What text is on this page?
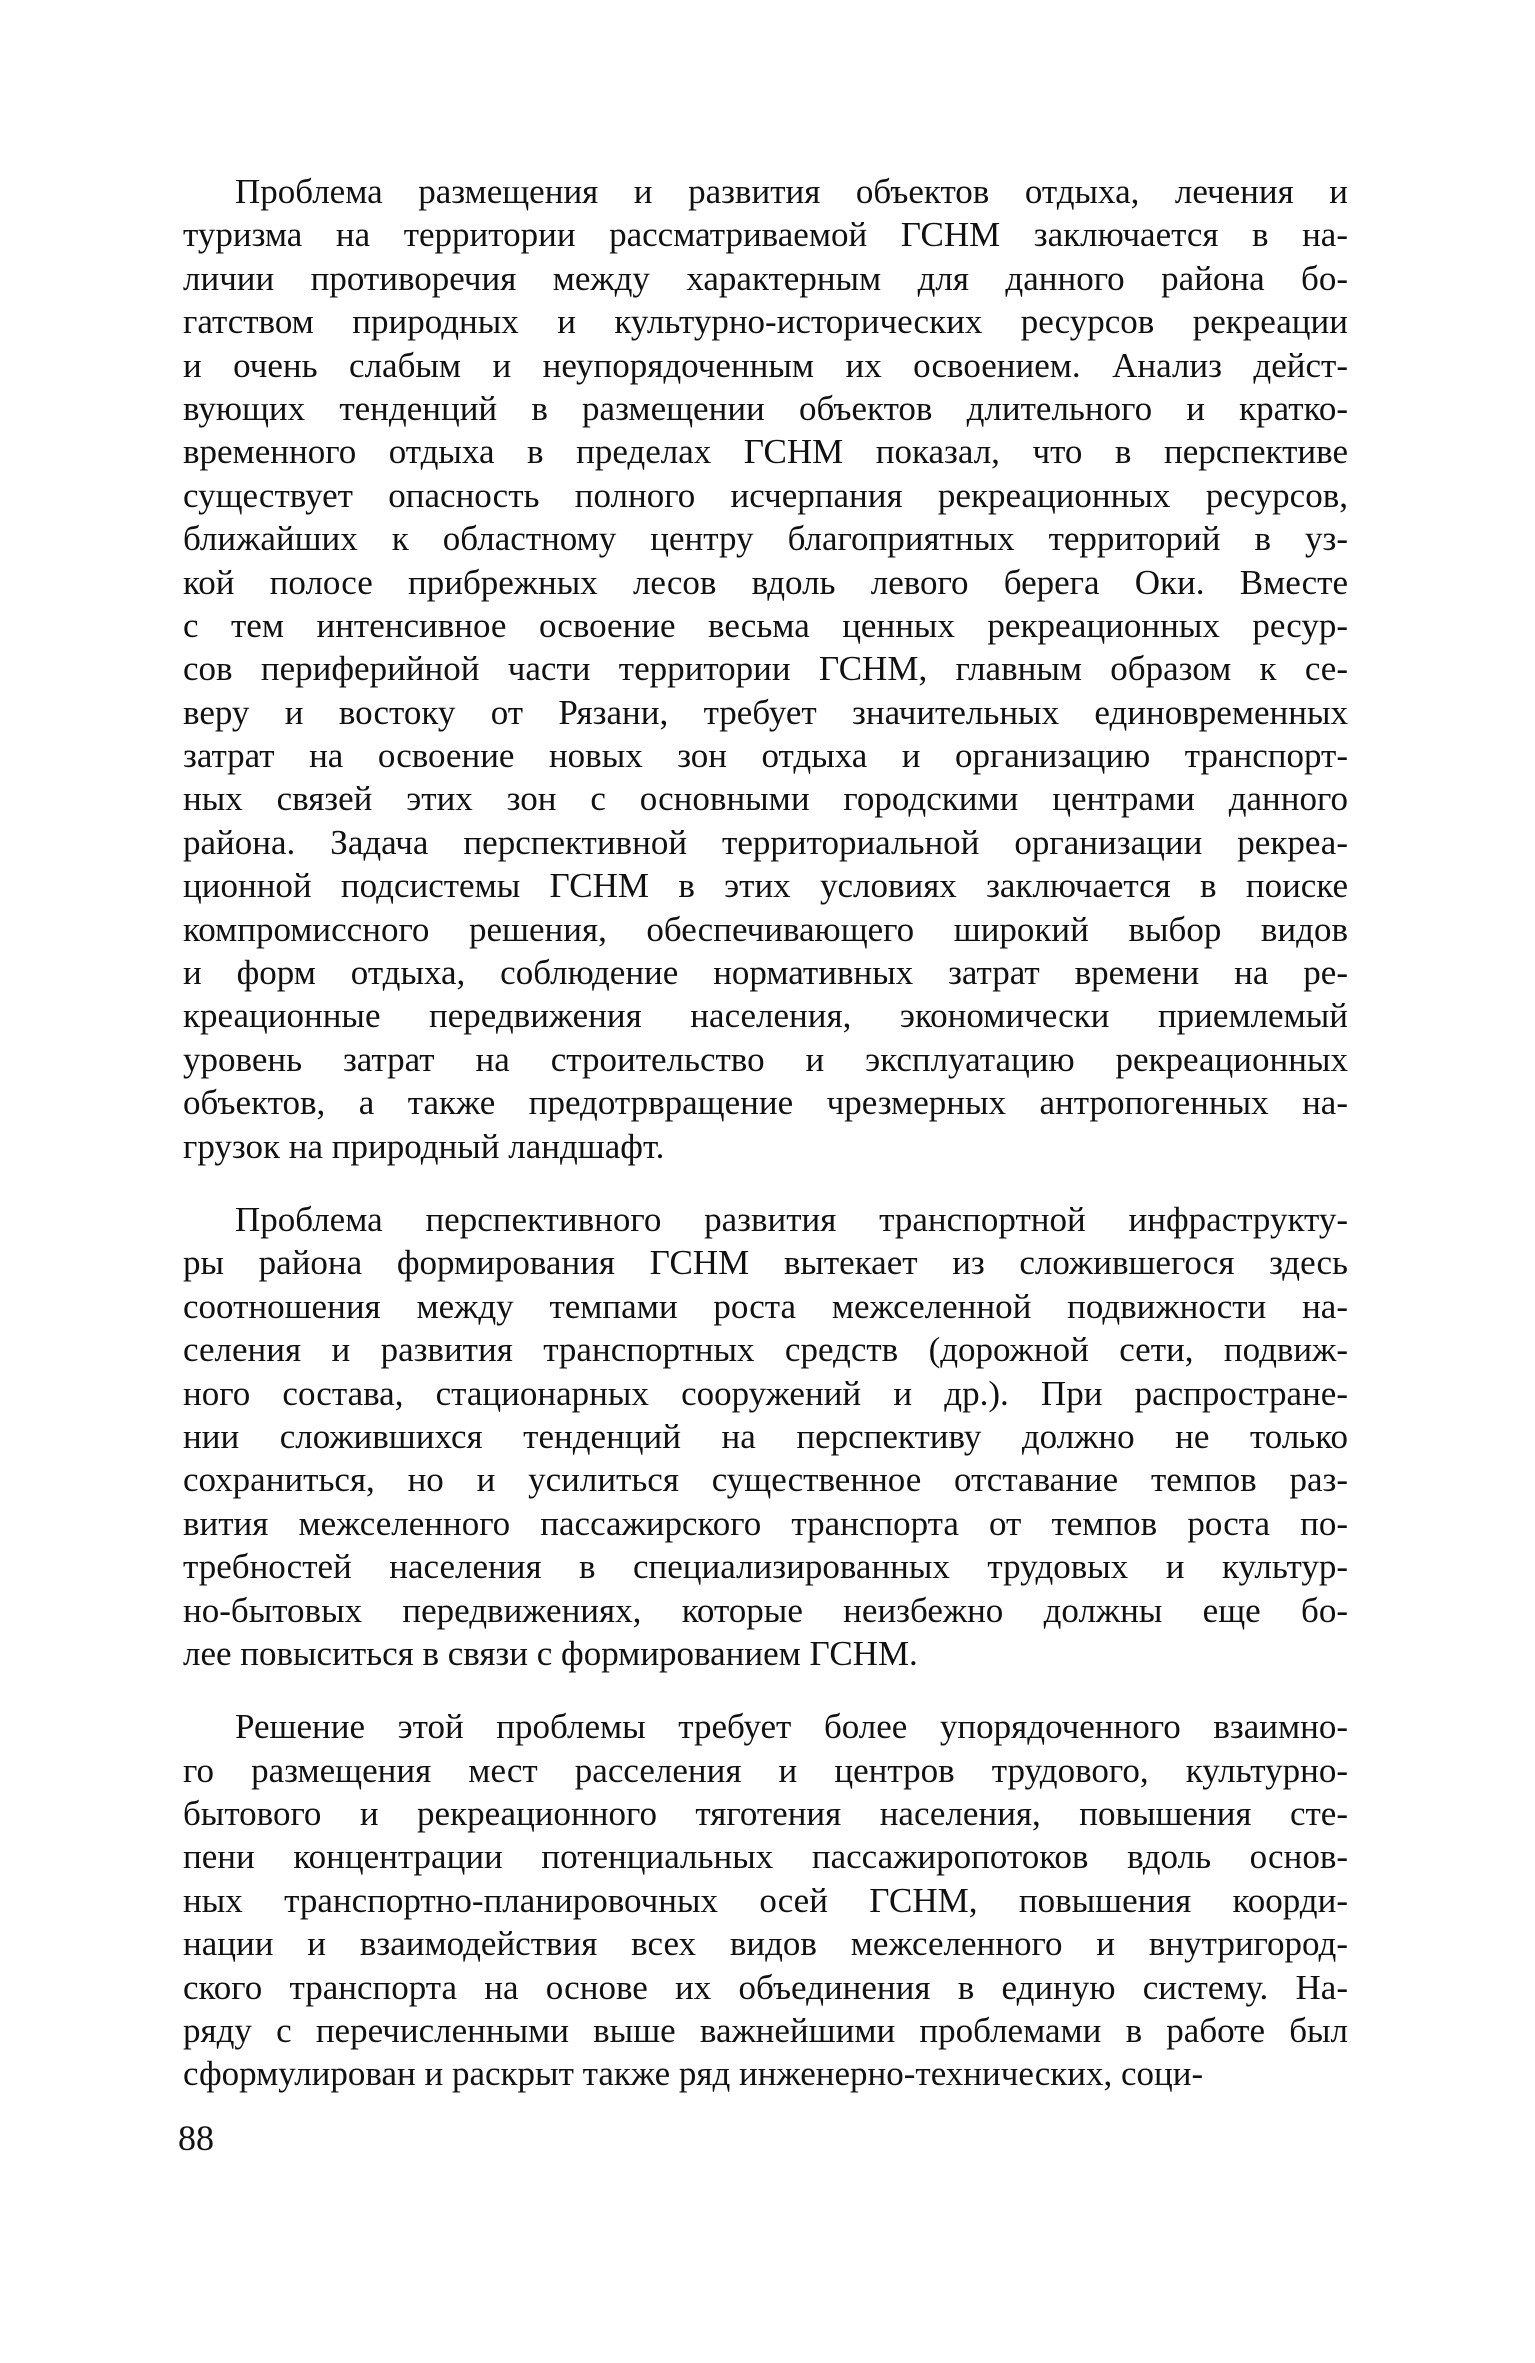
Проблема размещения и развития объектов отдыха, лечения и
туризма на территории рассматриваемой ГСНМ заключается в на-
личии противоречия между характерным для данного района бо-
гатством природных и культурно-исторических ресурсов рекреации
и очень слабым и неупорядоченным их освоением. Анализ дейст-
вующих тенденций в размещении объектов длительного и кратко-
временного отдыха в пределах ГСНМ показал, что в перспективе
существует опасность полного исчерпания рекреационных ресурсов,
ближайших к областному центру благоприятных территорий в уз-
кой полосе прибрежных лесов вдоль левого берега Оки. Вместе
с тем интенсивное освоение весьма ценных рекреационных ресур-
сов периферийной части территории ГСНМ, главным образом к се-
веру и востоку от Рязани, требует значительных единовременных
затрат на освоение новых зон отдыха и организацию транспорт-
ных связей этих зон с основными городскими центрами данного
района. Задача перспективной территориальной организации рекреа-
ционной подсистемы ГСНМ в этих условиях заключается в поиске
компромиссного решения, обеспечивающего широкий выбор видов
и форм отдыха, соблюдение нормативных затрат времени на ре-
креационные передвижения населения, экономически приемлемый
уровень затрат на строительство и эксплуатацию рекреационных
объектов, а также предотрвращение чрезмерных антропогенных на-
грузок на природный ландшафт.
Проблема перспективного развития транспортной инфраструкту-
ры района формирования ГСНМ вытекает из сложившегося здесь
соотношения между темпами роста межселенной подвижности на-
селения и развития транспортных средств (дорожной сети, подвиж-
ного состава, стационарных сооружений и др.). При распростране-
нии сложившихся тенденций на перспективу должно не только
сохраниться, но и усилиться существенное отставание темпов раз-
вития межселенного пассажирского транспорта от темпов роста по-
требностей населения в специализированных трудовых и культур-
но-бытовых передвижениях, которые неизбежно должны еще бо-
лее повыситься в связи с формированием ГСНМ.
Решение этой проблемы требует более упорядоченного взаимно-
го размещения мест расселения и центров трудового, культурно-
бытового и рекреационного тяготения населения, повышения сте-
пени концентрации потенциальных пассажиропотоков вдоль основ-
ных транспортно-планировочных осей ГСНМ, повышения коорди-
нации и взаимодействия всех видов межселенного и внутригород-
ского транспорта на основе их объединения в единую систему. На-
ряду с перечисленными выше важнейшими проблемами в работе был
сформулирован и раскрыт также ряд инженерно-технических, соци-
88
